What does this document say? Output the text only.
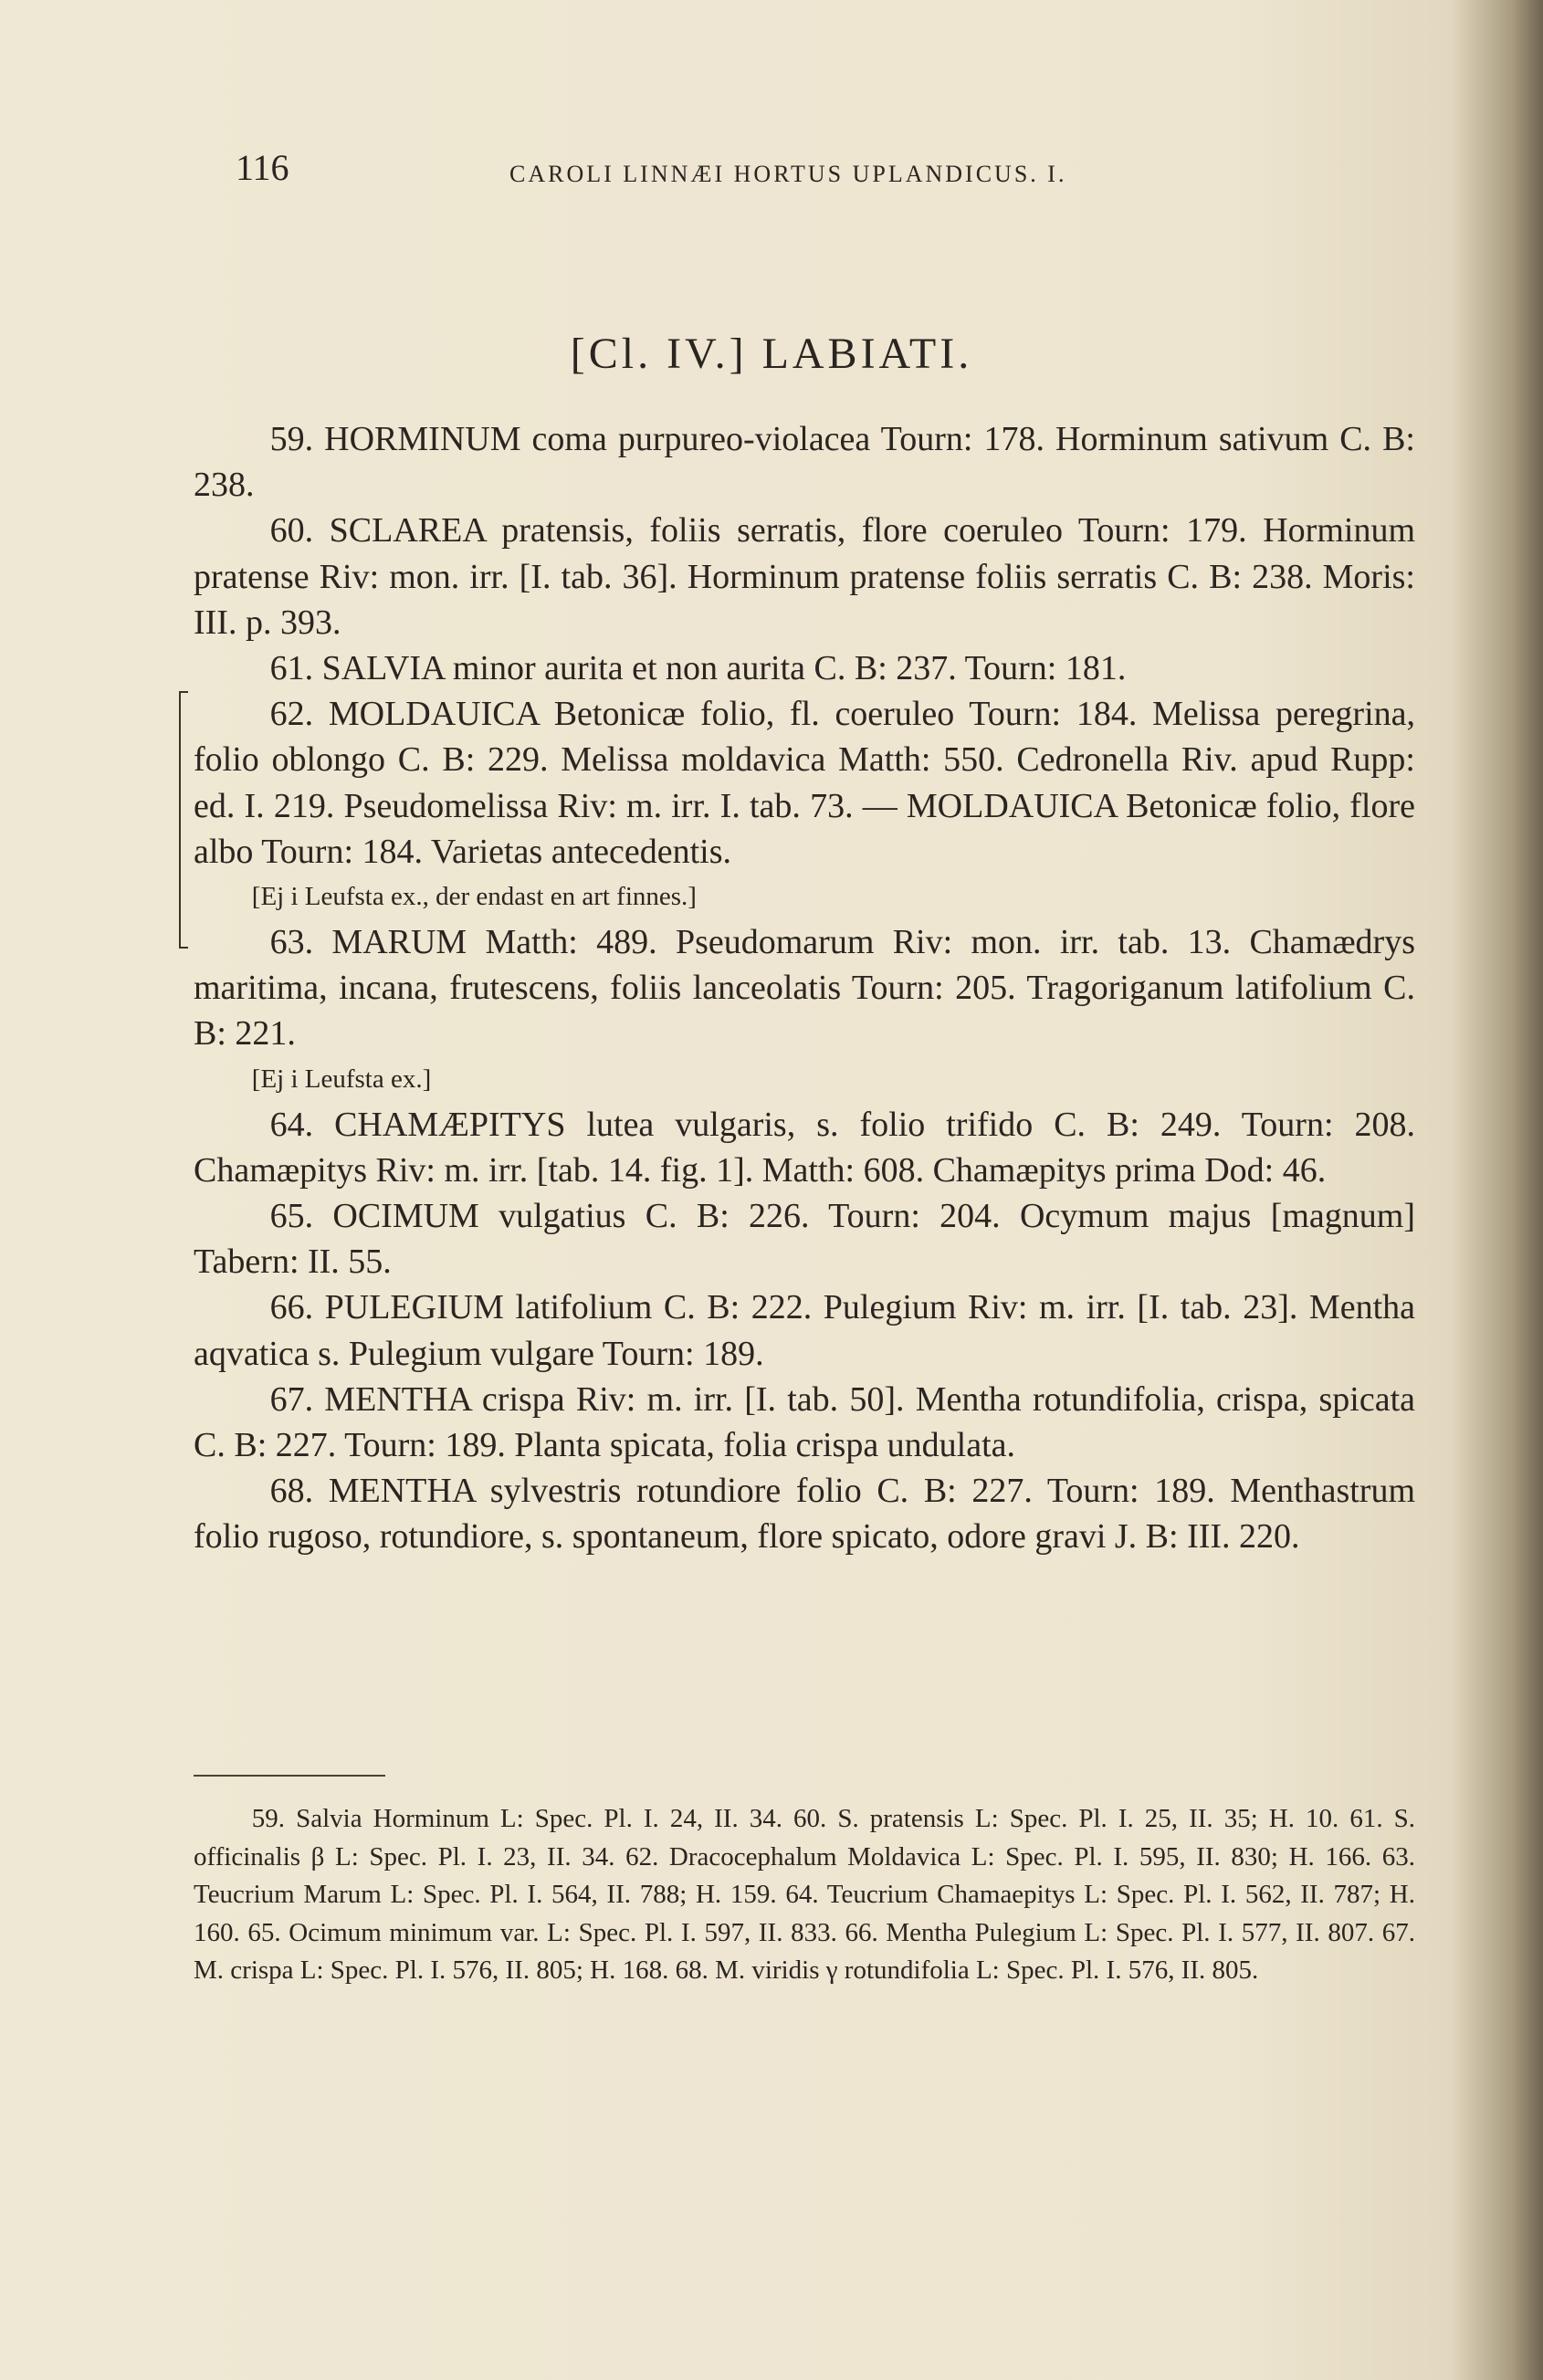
116	CAROLI LINNÆI HORTUS UPLANDICUS. I.
[Cl. IV.] LABIATI.
59. HORMINUM coma purpureo-violacea Tourn: 178. Horminum sativum C. B: 238.
60. SCLAREA pratensis, foliis serratis, flore coeruleo Tourn: 179. Horminum pratense Riv: mon. irr. [I. tab. 36]. Horminum pratense foliis serratis C. B: 238. Moris: III. p. 393.
61. SALVIA minor aurita et non aurita C. B: 237. Tourn: 181.
62. MOLDAUICA Betonicæ folio, fl. coeruleo Tourn: 184. Melissa peregrina, folio oblongo C. B: 229. Melissa moldavica Matth: 550. Cedronella Riv. apud Rupp: ed. I. 219. Pseudomelissa Riv: m. irr. I. tab. 73. — MOLDAUICA Betonicæ folio, flore albo Tourn: 184. Varietas antecedentis.
[Ej i Leufsta ex., der endast en art finnes.]
63. MARUM Matth: 489. Pseudomarum Riv: mon. irr. tab. 13. Chamædrys maritima, incana, frutescens, foliis lanceolatis Tourn: 205. Tragoriganum latifolium C. B: 221.
[Ej i Leufsta ex.]
64. CHAMÆPITYS lutea vulgaris, s. folio trifido C. B: 249. Tourn: 208. Chamæpitys Riv: m. irr. [tab. 14. fig. 1]. Matth: 608. Chamæpitys prima Dod: 46.
65. OCIMUM vulgatius C. B: 226. Tourn: 204. Ocymum majus [magnum] Tabern: II. 55.
66. PULEGIUM latifolium C. B: 222. Pulegium Riv: m. irr. [I. tab. 23]. Mentha aqvatica s. Pulegium vulgare Tourn: 189.
67. MENTHA crispa Riv: m. irr. [I. tab. 50]. Mentha rotundifolia, crispa, spicata C. B: 227. Tourn: 189. Planta spicata, folia crispa undulata.
68. MENTHA sylvestris rotundiore folio C. B: 227. Tourn: 189. Menthastrum folio rugoso, rotundiore, s. spontaneum, flore spicato, odore gravi J. B: III. 220.
59. Salvia Horminum L: Spec. Pl. I. 24, II. 34. 60. S. pratensis L: Spec. Pl. I. 25, II. 35; H. 10. 61. S. officinalis β L: Spec. Pl. I. 23, II. 34. 62. Dracocephalum Moldavica L: Spec. Pl. I. 595, II. 830; H. 166. 63. Teucrium Marum L: Spec. Pl. I. 564, II. 788; H. 159. 64. Teucrium Chamaepitys L: Spec. Pl. I. 562, II. 787; H. 160. 65. Ocimum minimum var. L: Spec. Pl. I. 597, II. 833. 66. Mentha Pulegium L: Spec. Pl. I. 577, II. 807. 67. M. crispa L: Spec. Pl. I. 576, II. 805; H. 168. 68. M. viridis γ rotundifolia L: Spec. Pl. I. 576, II. 805.
